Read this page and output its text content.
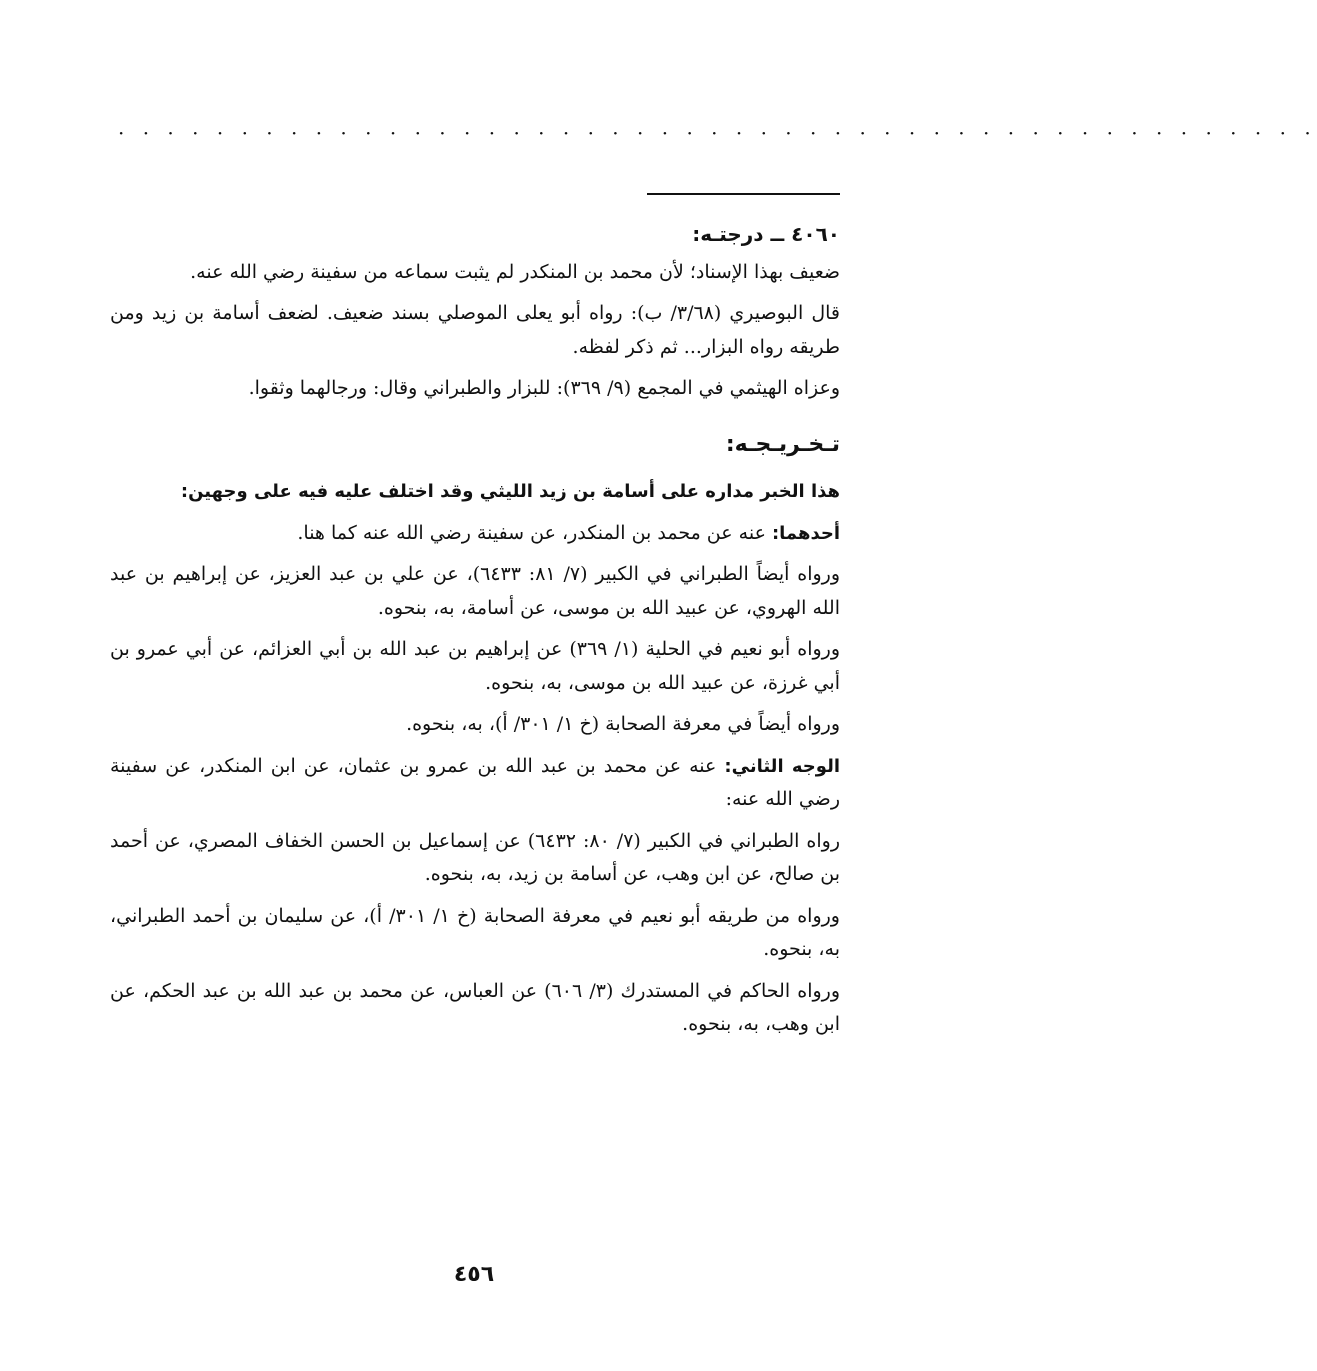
· · · · · · · · · · · · · · · · · · · · · · · · · · · · · · · · · · · · · · · · · · · · · · · · ·

٤٠٦٠ ــ درجتـه:

ضعيف بهذا الإسناد؛ لأن محمد بن المنكدر لم يثبت سماعه من سفينة رضي الله عنه.

قال البوصيري (٣/٦٨/ ب): رواه أبو يعلى الموصلي بسند ضعيف. لضعف أسامة بن زيد ومن طريقه رواه البزار... ثم ذكر لفظه.

وعزاه الهيثمي في المجمع (٩/ ٣٦٩): للبزار والطبراني وقال: ورجالهما وثقوا.

تـخـريـجـه:

هذا الخبر مداره على أسامة بن زيد الليثي وقد اختلف عليه فيه على وجهين:

أحدهما: عنه عن محمد بن المنكدر، عن سفينة رضي الله عنه كما هنا.

ورواه أيضاً الطبراني في الكبير (٧/ ٨١: ٦٤٣٣)، عن علي بن عبد العزيز، عن إبراهيم بن عبد الله الهروي، عن عبيد الله بن موسى، عن أسامة، به، بنحوه.

ورواه أبو نعيم في الحلية (١/ ٣٦٩) عن إبراهيم بن عبد الله بن أبي العزائم، عن أبي عمرو بن أبي غرزة، عن عبيد الله بن موسى، به، بنحوه.

ورواه أيضاً في معرفة الصحابة (خ ١/ ٣٠١/ أ)، به، بنحوه.

الوجه الثاني: عنه عن محمد بن عبد الله بن عمرو بن عثمان، عن ابن المنكدر، عن سفينة رضي الله عنه:

رواه الطبراني في الكبير (٧/ ٨٠: ٦٤٣٢) عن إسماعيل بن الحسن الخفاف المصري، عن أحمد بن صالح، عن ابن وهب، عن أسامة بن زيد، به، بنحوه.

ورواه من طريقه أبو نعيم في معرفة الصحابة (خ ١/ ٣٠١/ أ)، عن سليمان بن أحمد الطبراني، به، بنحوه.

ورواه الحاكم في المستدرك (٣/ ٦٠٦) عن العباس، عن محمد بن عبد الله بن عبد الحكم، عن ابن وهب، به، بنحوه.

٤٥٦
